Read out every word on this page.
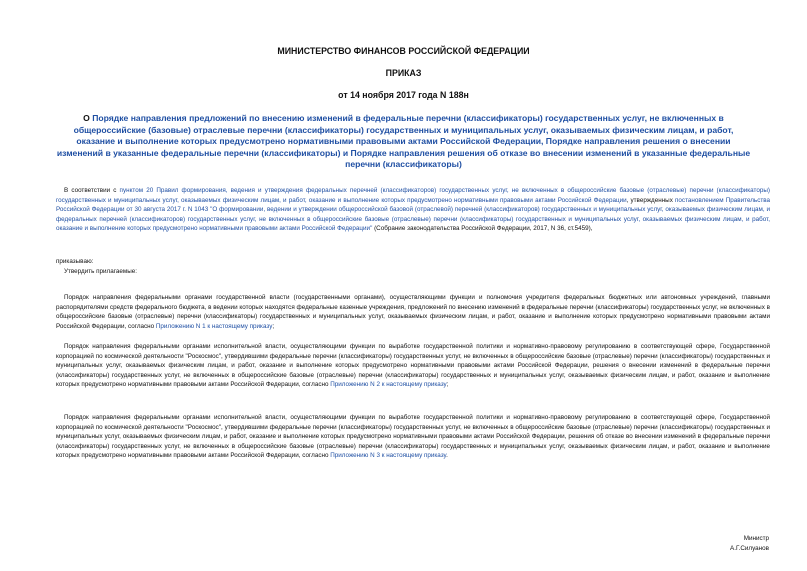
МИНИСТЕРСТВО ФИНАНСОВ РОССИЙСКОЙ ФЕДЕРАЦИИ
ПРИКАЗ
от 14 ноября 2017 года N 188н
О Порядке направления предложений по внесению изменений в федеральные перечни (классификаторы) государственных услуг, не включенных в общероссийские (базовые) отраслевые перечни (классификаторы) государственных и муниципальных услуг, оказываемых физическим лицам, и работ, оказание и выполнение которых предусмотрено нормативными правовыми актами Российской Федерации, Порядке направления решения о внесении изменений в указанные федеральные перечни (классификаторы) и Порядке направления решения об отказе во внесении изменений в указанные федеральные перечни (классификаторы)
В соответствии с пунктом 20 Правил формирования, ведения и утверждения федеральных перечней (классификаторов) государственных услуг, не включенных в общероссийские базовые (отраслевые) перечни (классификаторы) государственных и муниципальных услуг, оказываемых физическим лицам, и работ, оказание и выполнение которых предусмотрено нормативными правовыми актами Российской Федерации, утвержденных постановлением Правительства Российской Федерации от 30 августа 2017 г. N 1043 "О формировании, ведении и утверждении общероссийской базовой (отраслевой) перечней (классификаторов) государственных и муниципальных услуг, оказываемых физическим лицам, и федеральных перечней (классификаторов) государственных услуг, не включенных в общероссийские базовые (отраслевые) перечни (классификаторы) государственных и муниципальных услуг, оказываемых физическим лицам, и работ, оказание и выполнение которых предусмотрено нормативными правовыми актами Российской Федерации" (Собрание законодательства Российской Федерации, 2017, N 36, ст.5459),
приказываю:
Утвердить прилагаемые:
Порядок направления федеральными органами государственной власти (государственными органами), осуществляющими функции и полномочия учредителя федеральных бюджетных или автономных учреждений, главными распорядителями средств федерального бюджета, в ведении которых находятся федеральные казенные учреждения, предложений по внесению изменений в федеральные перечни (классификаторы) государственных услуг, не включенных в общероссийские базовые (отраслевые) перечни (классификаторы) государственных и муниципальных услуг, оказываемых физическим лицам, и работ, оказание и выполнение которых предусмотрено нормативными правовыми актами Российской Федерации, согласно Приложению N 1 к настоящему приказу;
Порядок направления федеральными органами исполнительной власти, осуществляющими функции по выработке государственной политики и нормативно-правовому регулированию в соответствующей сфере, Государственной корпорацией по космической деятельности "Роскосмос", утвердившими федеральные перечни (классификаторы) государственных услуг, не включенных в общероссийские базовые (отраслевые) перечни (классификаторы) государственных и муниципальных услуг, оказываемых физическим лицам, и работ, оказание и выполнение которых предусмотрено нормативными правовыми актами Российской Федерации, решения о внесении изменений в федеральные перечни (классификаторы) государственных услуг, не включенных в общероссийские базовые (отраслевые) перечни (классификаторы) государственных и муниципальных услуг, оказываемых физическим лицам, и работ, оказание и выполнение которых предусмотрено нормативными правовыми актами Российской Федерации, согласно Приложению N 2 к настоящему приказу;
Порядок направления федеральными органами исполнительной власти, осуществляющими функции по выработке государственной политики и нормативно-правовому регулированию в соответствующей сфере, Государственной корпорацией по космической деятельности "Роскосмос", утвердившими федеральные перечни (классификаторы) государственных услуг, не включенных в общероссийские базовые (отраслевые) перечни (классификаторы) государственных и муниципальных услуг, оказываемых физическим лицам, и работ, оказание и выполнение которых предусмотрено нормативными правовыми актами Российской Федерации, решения об отказе во внесении изменений в федеральные перечни (классификаторы) государственных услуг, не включенных в общероссийские базовые (отраслевые) перечни (классификаторы) государственных и муниципальных услуг, оказываемых физическим лицам, и работ, оказание и выполнение которых предусмотрено нормативными правовыми актами Российской Федерации, согласно Приложению N 3 к настоящему приказу.
Министр
А.Г.Силуанов
